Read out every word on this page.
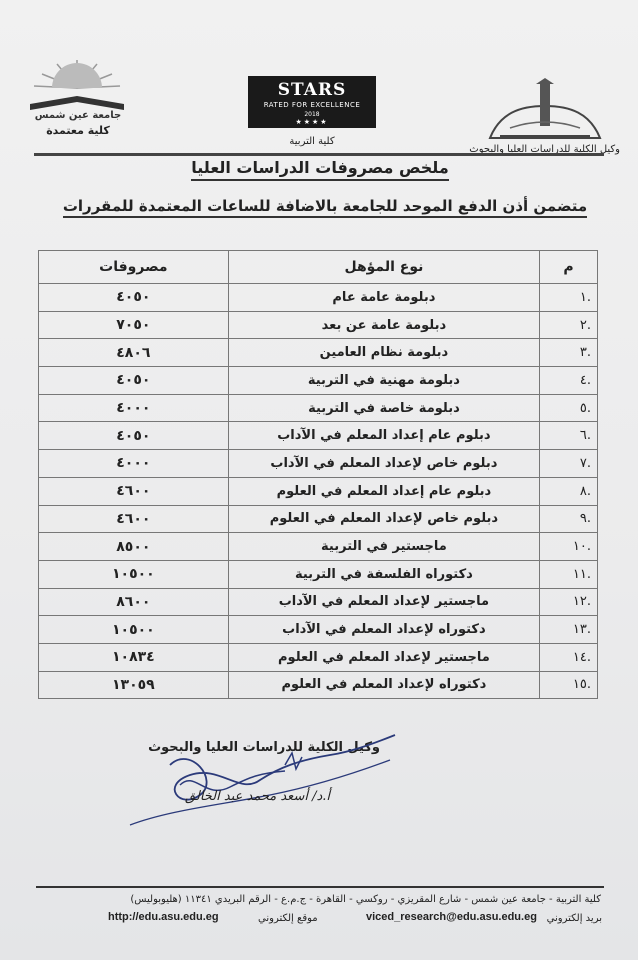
جامعة عين شمس
كلية معتمدة
STARS
RATED FOR EXCELLENCE
2018
★★★★
كلية التربية
وكيل الكلية للدراسات العليا والبحوث
ملخص مصروفات الدراسات العليا
متضمن أذن الدفع الموحد للجامعة بالاضافة للساعات المعتمدة للمقررات
م	نوع المؤهل	مصروفات
.١	دبلومة عامة عام	٤٠٥٠
.٢	دبلومة عامة عن بعد	٧٠٥٠
.٣	دبلومة نظام العامين	٤٨٠٦
.٤	دبلومة مهنية في التربية	٤٠٥٠
.٥	دبلومة خاصة في التربية	٤٠٠٠
.٦	دبلوم عام إعداد المعلم في الآداب	٤٠٥٠
.٧	دبلوم خاص لإعداد المعلم في الآداب	٤٠٠٠
.٨	دبلوم عام إعداد المعلم في العلوم	٤٦٠٠
.٩	دبلوم خاص لإعداد المعلم في العلوم	٤٦٠٠
.١٠	ماجستير في التربية	٨٥٠٠
.١١	دكتوراه الفلسفة في التربية	١٠٥٠٠
.١٢	ماجستير لإعداد المعلم في الآداب	٨٦٠٠
.١٣	دكتوراه لإعداد المعلم في الآداب	١٠٥٠٠
.١٤	ماجستير لإعداد المعلم في العلوم	١٠٨٣٤
.١٥	دكتوراه لإعداد المعلم في العلوم	١٣٠٥٩
وكيل الكلية للدراسات العليا والبحوث
أ.د/ أسعد محمد عبد الخالق
كلية التربية - جامعة عين شمس - شارع المقريزي - روكسي - القاهرة - ج.م.ع - الرقم البريدي ١١٣٤١ (هليوبوليس)
بريد إلكتروني
viced_research@edu.asu.edu.eg
موقع إلكتروني
http://edu.asu.edu.eg
